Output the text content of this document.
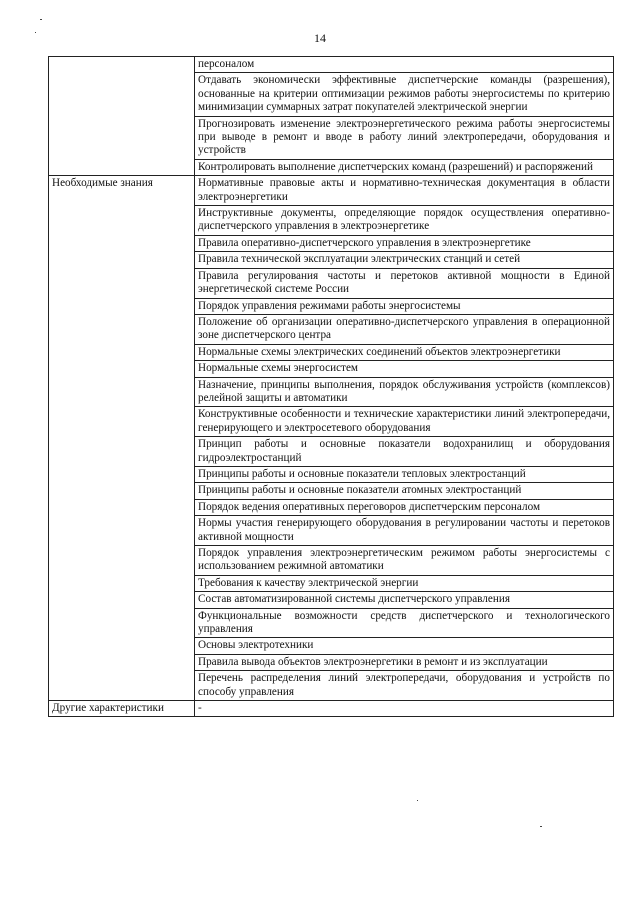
14
	персоналом
	Отдавать экономически эффективные диспетчерские команды (разрешения), основанные на критерии оптимизации режимов работы энергосистемы по критерию минимизации суммарных затрат покупателей электрической энергии
	Прогнозировать изменение электроэнергетического режима работы энергосистемы при выводе в ремонт и вводе в работу линий электропередачи, оборудования и устройств
	Контролировать выполнение диспетчерских команд (разрешений) и распоряжений
Необходимые знания	Нормативные правовые акты и нормативно-техническая документация в области электроэнергетики
	Инструктивные документы, определяющие порядок осуществления оперативно-диспетчерского управления в электроэнергетике
	Правила оперативно-диспетчерского управления в электроэнергетике
	Правила технической эксплуатации электрических станций и сетей
	Правила регулирования частоты и перетоков активной мощности в Единой энергетической системе России
	Порядок управления режимами работы энергосистемы
	Положение об организации оперативно-диспетчерского управления в операционной зоне диспетчерского центра
	Нормальные схемы электрических соединений объектов электроэнергетики
	Нормальные схемы энергосистем
	Назначение, принципы выполнения, порядок обслуживания устройств (комплексов) релейной защиты и автоматики
	Конструктивные особенности и технические характеристики линий электропередачи, генерирующего и электросетевого оборудования
	Принцип работы и основные показатели водохранилищ и оборудования гидроэлектростанций
	Принципы работы и основные показатели тепловых электростанций
	Принципы работы и основные показатели атомных электростанций
	Порядок ведения оперативных переговоров диспетчерским персоналом
	Нормы участия генерирующего оборудования в регулировании частоты и перетоков активной мощности
	Порядок управления электроэнергетическим режимом работы энергосистемы с использованием режимной автоматики
	Требования к качеству электрической энергии
	Состав автоматизированной системы диспетчерского управления
	Функциональные возможности средств диспетчерского и технологического управления
	Основы электротехники
	Правила вывода объектов электроэнергетики в ремонт и из эксплуатации
	Перечень распределения линий электропередачи, оборудования и устройств по способу управления
Другие характеристики	-
